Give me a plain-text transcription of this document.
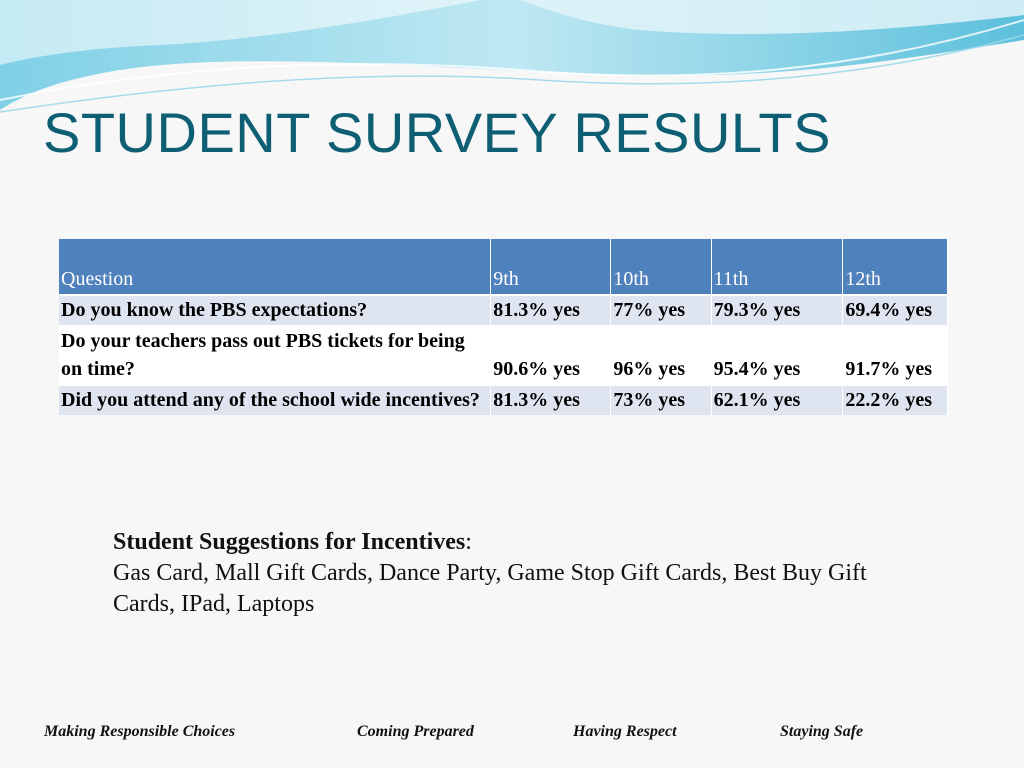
STUDENT SURVEY RESULTS
Question	9th	10th	11th	12th
Do you know the PBS expectations?	81.3% yes	77% yes	79.3% yes	69.4% yes
Do your teachers pass out PBS tickets for being on time?	90.6% yes	96% yes	95.4% yes	91.7% yes
Did you attend any of the school wide incentives?	81.3% yes	73% yes	62.1% yes	22.2% yes
Student Suggestions for Incentives:
Gas Card, Mall Gift Cards, Dance Party, Game Stop Gift Cards, Best Buy Gift Cards, IPad, Laptops
Making Responsible Choices	Coming Prepared	Having Respect	Staying Safe
